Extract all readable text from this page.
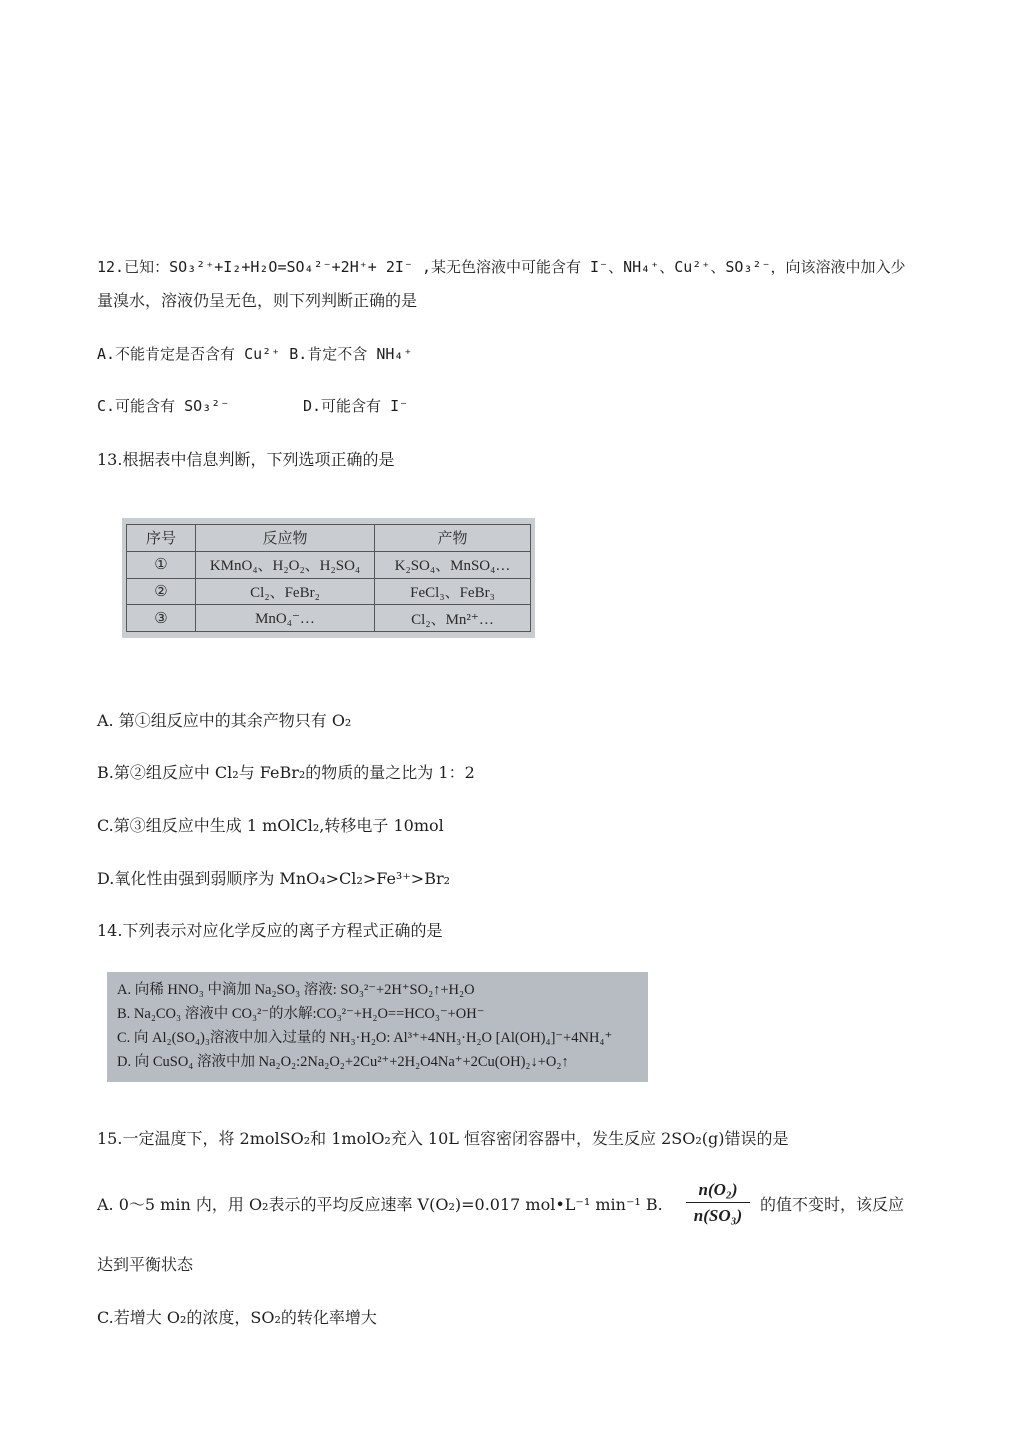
12.已知：SO₃²⁺+I₂+H₂O=SO₄²⁻+2H⁺+ 2I⁻ ,某无色溶液中可能含有 I⁻、NH₄⁺、Cu²⁺、SO₃²⁻，向该溶液中加入少
量溴水，溶液仍呈无色，则下列判断正确的是
A.不能肯定是否含有 Cu²⁺ B.肯定不含 NH₄⁺
C.可能含有 SO₃²⁻	D.可能含有 I⁻
13.根据表中信息判断，下列选项正确的是
序号	反应物	产物
①	KMnO₄、H₂O₂、H₂SO₄	K₂SO₄、MnSO₄…
②	Cl₂、FeBr₂	FeCl₃、FeBr₃
③	MnO₄⁻…	Cl₂、Mn²⁺…
A. 第①组反应中的其余产物只有 O₂
B.第②组反应中 Cl₂与 FeBr₂的物质的量之比为 1：2
C.第③组反应中生成 1 mOlCl₂,转移电子 10mol
D.氧化性由强到弱顺序为 MnO₄>Cl₂>Fe³⁺>Br₂
14.下列表示对应化学反应的离子方程式正确的是
A. 向稀 HNO₃ 中滴加 Na₂SO₃ 溶液: SO₃²⁻+2H⁺SO₂↑+H₂O
B. Na₂CO₃ 溶液中 CO₃²⁻的水解:CO₃²⁻+H₂O==HCO₃⁻+OH⁻
C. 向 Al₂(SO₄)₃溶液中加入过量的 NH₃·H₂O: Al³⁺+4NH₃·H₂O [Al(OH)₄]⁻+4NH₄⁺
D. 向 CuSO₄ 溶液中加 Na₂O₂:2Na₂O₂+2Cu²⁺+2H₂O4Na⁺+2Cu(OH)₂↓+O₂↑
15.一定温度下，将 2molSO₂和 1molO₂充入 10L 恒容密闭容器中，发生反应 2SO₂(g)错误的是
A. 0～5 min 内，用 O₂表示的平均反应速率 V(O₂)=0.017 mol•L⁻¹ min⁻¹ B. $\frac{\text{n(O₂)}}{\text{n(SO₃)}}$ 的值不变时，该反应
达到平衡状态
C.若增大 O₂的浓度，SO₂的转化率增大
